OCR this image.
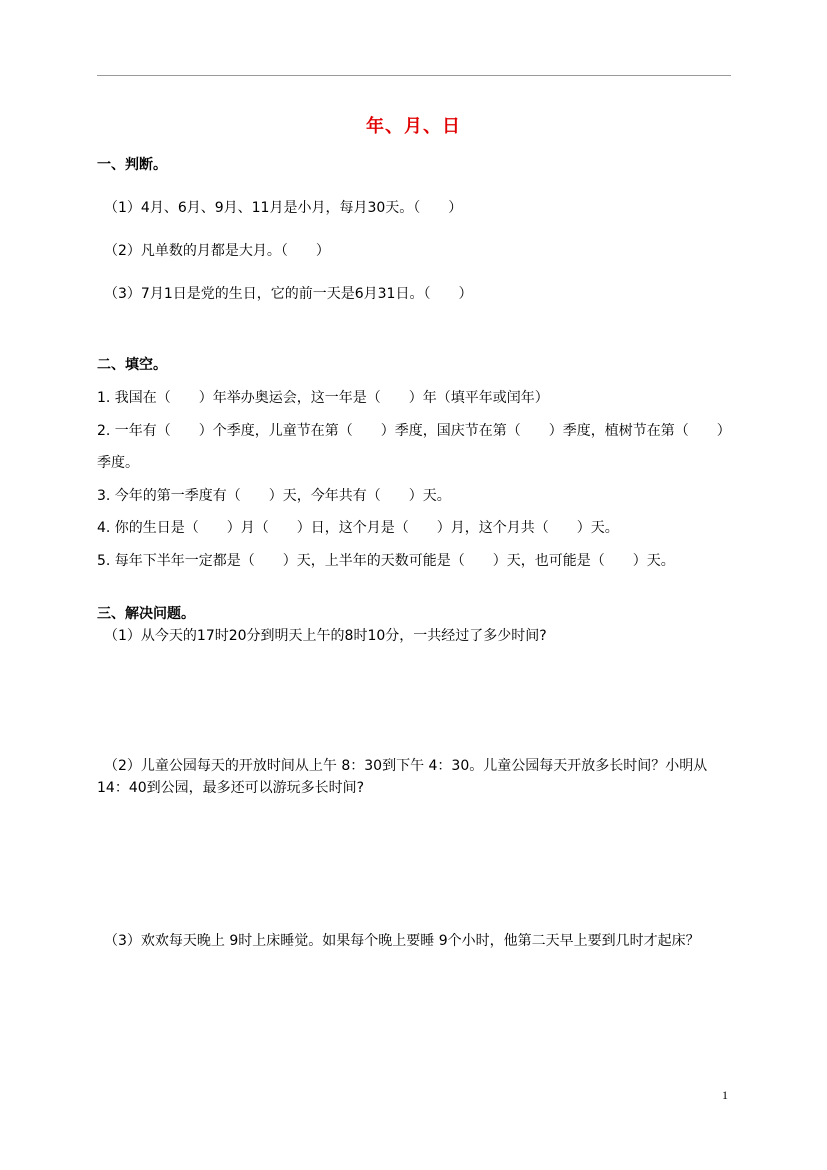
年、月、日
一、判断。
（1）4月、6月、9月、11月是小月，每月30天。（　　）
（2）凡单数的月都是大月。（　　）
（3）7月1日是党的生日，它的前一天是6月31日。（　　）
二、填空。
1. 我国在（　　）年举办奥运会，这一年是（　　）年（填平年或闰年）
2. 一年有（　　）个季度，儿童节在第（　　）季度，国庆节在第（　　）季度，植树节在第（　　）
季度。
3. 今年的第一季度有（　　）天，今年共有（　　）天。
4. 你的生日是（　　）月（　　）日，这个月是（　　）月，这个月共（　　）天。
5. 每年下半年一定都是（　　）天，上半年的天数可能是（　　）天，也可能是（　　）天。
三、解决问题。
（1）从今天的17时20分到明天上午的8时10分，一共经过了多少时间?
（2）儿童公园每天的开放时间从上午 8：30到下午 4：30。儿童公园每天开放多长时间？小明从
14：40到公园，最多还可以游玩多长时间?
（3）欢欢每天晚上 9时上床睡觉。如果每个晚上要睡 9个小时，他第二天早上要到几时才起床？
1
